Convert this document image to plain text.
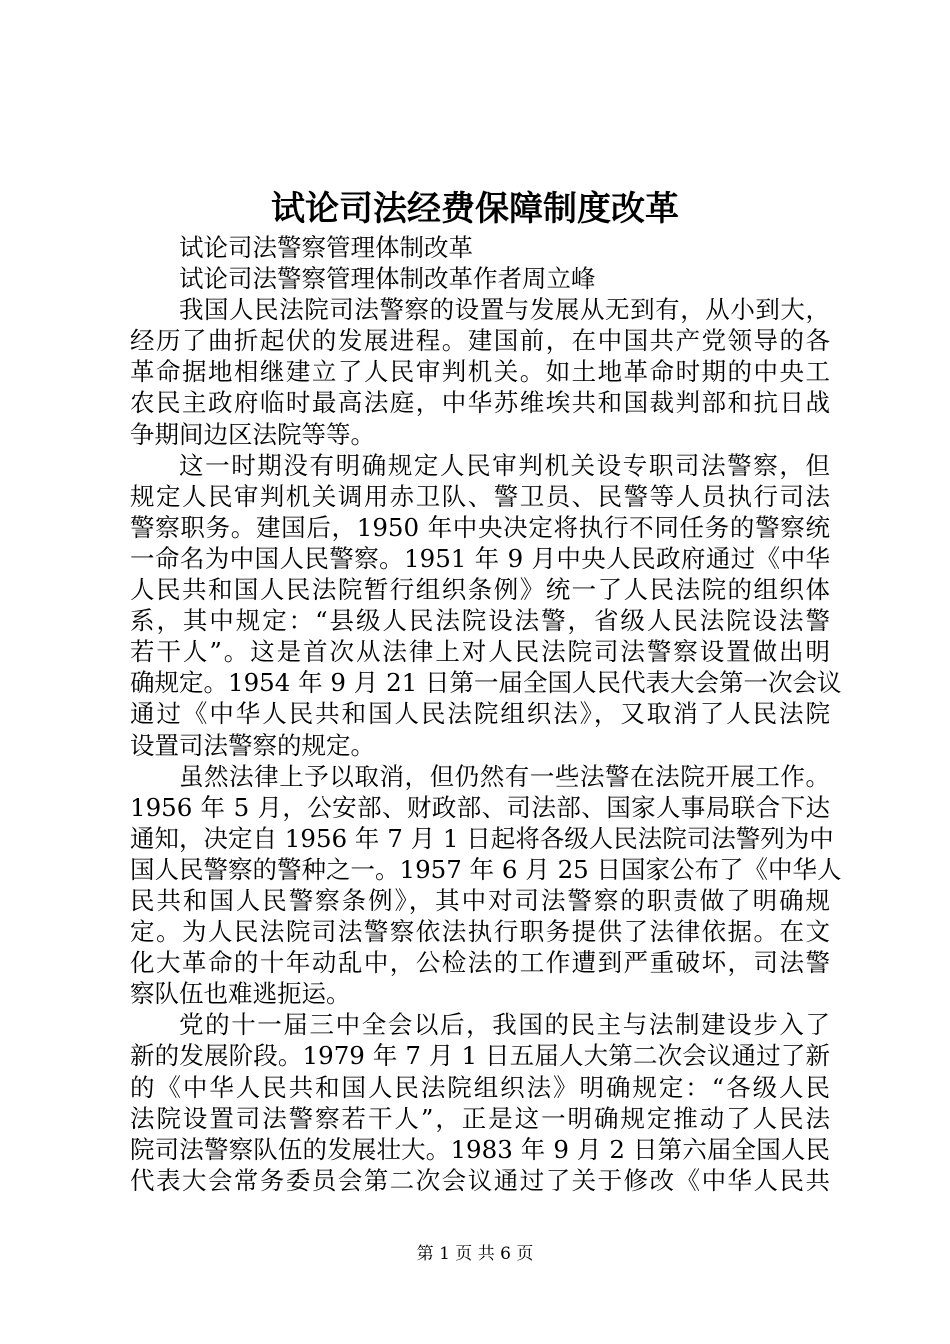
试论司法经费保障制度改革
试论司法警察管理体制改革
试论司法警察管理体制改革作者周立峰
我国人民法院司法警察的设置与发展从无到有，从小到大，
经历了曲折起伏的发展进程。建国前，在中国共产党领导的各
革命据地相继建立了人民审判机关。如土地革命时期的中央工
农民主政府临时最高法庭，中华苏维埃共和国裁判部和抗日战
争期间边区法院等等。
这一时期没有明确规定人民审判机关设专职司法警察，但
规定人民审判机关调用赤卫队、警卫员、民警等人员执行司法
警察职务。建国后，1950 年中央决定将执行不同任务的警察统
一命名为中国人民警察。1951 年 9 月中央人民政府通过《中华
人民共和国人民法院暂行组织条例》统一了人民法院的组织体
系，其中规定：“县级人民法院设法警，省级人民法院设法警
若干人”。这是首次从法律上对人民法院司法警察设置做出明
确规定。1954 年 9 月 21 日第一届全国人民代表大会第一次会议
通过《中华人民共和国人民法院组织法》，又取消了人民法院
设置司法警察的规定。
虽然法律上予以取消，但仍然有一些法警在法院开展工作。
1956 年 5 月，公安部、财政部、司法部、国家人事局联合下达
通知，决定自 1956 年 7 月 1 日起将各级人民法院司法警列为中
国人民警察的警种之一。1957 年 6 月 25 日国家公布了《中华人
民共和国人民警察条例》，其中对司法警察的职责做了明确规
定。为人民法院司法警察依法执行职务提供了法律依据。在文
化大革命的十年动乱中，公检法的工作遭到严重破坏，司法警
察队伍也难逃扼运。
党的十一届三中全会以后，我国的民主与法制建设步入了
新的发展阶段。1979 年 7 月 1 日五届人大第二次会议通过了新
的《中华人民共和国人民法院组织法》明确规定：“各级人民
法院设置司法警察若干人”，正是这一明确规定推动了人民法
院司法警察队伍的发展壮大。1983 年 9 月 2 日第六届全国人民
代表大会常务委员会第二次会议通过了关于修改《中华人民共
第 1 页 共 6 页
